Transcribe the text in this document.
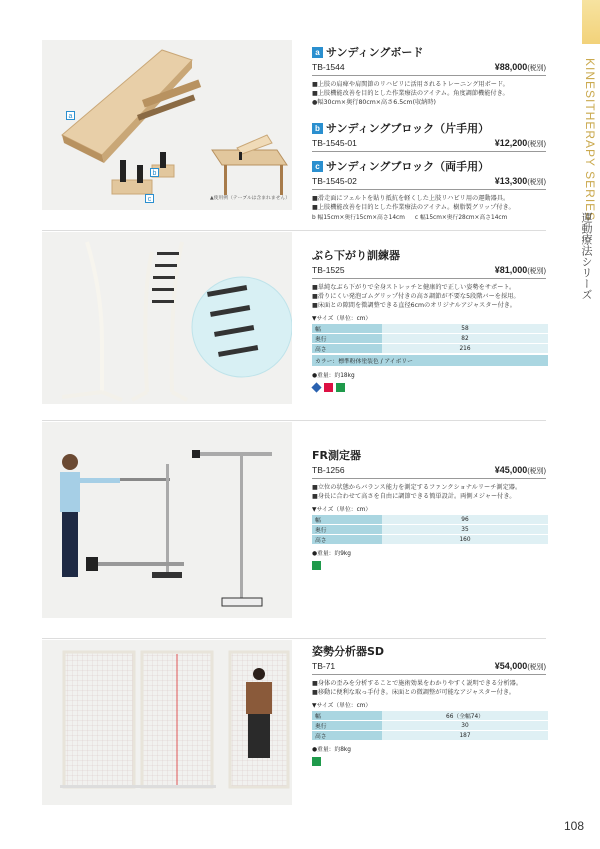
KINESITHERAPY SERIES
運動療法シリーズ
a
b
c	▲使用例（テーブルは含まれません）
a サンディングボード
TB-1544	¥88,000(税別)
■上肢の肩痺や肩関節のリハビリに活用されるトレーニング用ボード。
■上肢機能改善を目的とした作業療法のアイテム。角度調節機能付き。
●幅30cm×奥行80cm×高さ6.5cm(収納時)
b サンディングブロック（片手用）
TB-1545-01	¥12,200(税別)
c サンディングブロック（両手用）
TB-1545-02	¥13,300(税別)
■滑走面にフェルトを貼り抵抗を軽くした上肢リハビリ用の運動器具。
■上肢機能改善を目的とした作業療法のアイテム。樹脂製グリップ付き。
b 幅15cm×奥行15cm×高さ14cm c 幅15cm×奥行28cm×高さ14cm
ぶら下がり訓練器
TB-1525	¥81,000(税別)
■単純なぶら下がりで全身ストレッチと健康的で正しい姿勢をサポート。
■滑りにくい発泡ゴムグリップ付きの高さ調節が不要な5段階バーを採用。
■床面との隙間を微調整できる直径6cmのオリジナルアジャスター付き。
▼サイズ（単位：cm）
幅	58
奥行	82
高さ	216
カラー：標準粉体塗装色 / アイボリー
●重量：約18kg
FR測定器
TB-1256	¥45,000(税別)
■立位の状態からバランス能力を測定するファンクショナルリーチ測定器。
■身長に合わせて高さを自由に調節できる簡単設計。両側メジャー付き。
▼サイズ（単位：cm）
幅	96
奥行	35
高さ	160
●重量：約9kg
姿勢分析器SD
TB-71	¥54,000(税別)
■身体の歪みを分析することで施術効果をわかりやすく説明できる分析器。
■移動に便利な取っ手付き。床面との微調整が可能なアジャスター付き。
▼サイズ（単位：cm）
幅	66（全幅74）
奥行	30
高さ	187
●重量：約8kg
108
